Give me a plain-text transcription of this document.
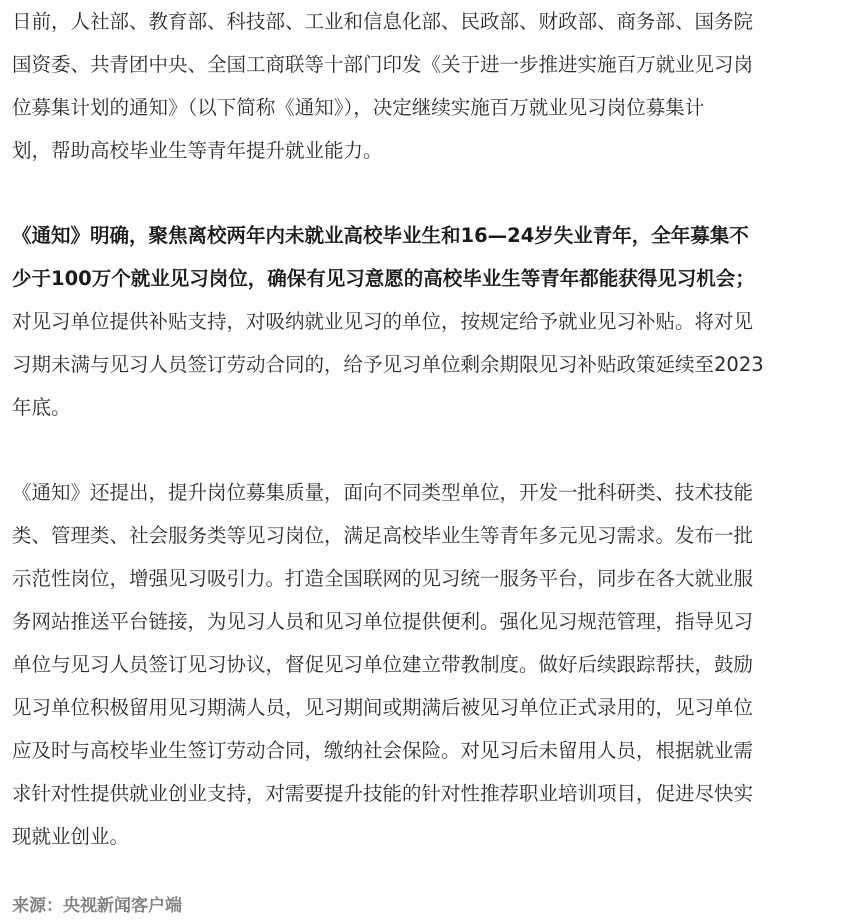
日前，人社部、教育部、科技部、工业和信息化部、民政部、财政部、商务部、国务院
国资委、共青团中央、全国工商联等十部门印发《关于进一步推进实施百万就业见习岗
位募集计划的通知》（以下简称《通知》），决定继续实施百万就业见习岗位募集计
划，帮助高校毕业生等青年提升就业能力。
《通知》明确，聚焦离校两年内未就业高校毕业生和16—24岁失业青年，全年募集不
少于100万个就业见习岗位，确保有见习意愿的高校毕业生等青年都能获得见习机会；
对见习单位提供补贴支持，对吸纳就业见习的单位，按规定给予就业见习补贴。将对见
习期未满与见习人员签订劳动合同的，给予见习单位剩余期限见习补贴政策延续至2023
年底。
《通知》还提出，提升岗位募集质量，面向不同类型单位，开发一批科研类、技术技能
类、管理类、社会服务类等见习岗位，满足高校毕业生等青年多元见习需求。发布一批
示范性岗位，增强见习吸引力。打造全国联网的见习统一服务平台，同步在各大就业服
务网站推送平台链接，为见习人员和见习单位提供便利。强化见习规范管理，指导见习
单位与见习人员签订见习协议，督促见习单位建立带教制度。做好后续跟踪帮扶，鼓励
见习单位积极留用见习期满人员，见习期间或期满后被见习单位正式录用的，见习单位
应及时与高校毕业生签订劳动合同，缴纳社会保险。对见习后未留用人员，根据就业需
求针对性提供就业创业支持，对需要提升技能的针对性推荐职业培训项目，促进尽快实
现就业创业。
来源：央视新闻客户端
